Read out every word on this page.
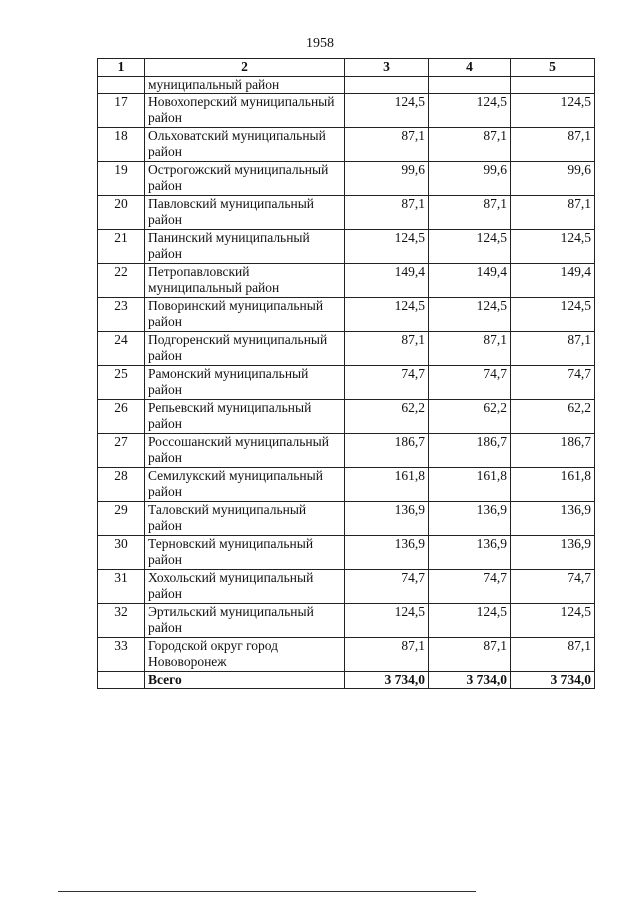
1958
1	2	3	4	5
	муниципальный район			
17	Новохоперский муниципальный район	124,5	124,5	124,5
18	Ольховатский муниципальный район	87,1	87,1	87,1
19	Острогожский муниципальный район	99,6	99,6	99,6
20	Павловский муниципальный район	87,1	87,1	87,1
21	Панинский муниципальный район	124,5	124,5	124,5
22	Петропавловский муниципальный район	149,4	149,4	149,4
23	Поворинский муниципальный район	124,5	124,5	124,5
24	Подгоренский муниципальный район	87,1	87,1	87,1
25	Рамонский муниципальный район	74,7	74,7	74,7
26	Репьевский муниципальный район	62,2	62,2	62,2
27	Россошанский муниципальный район	186,7	186,7	186,7
28	Семилукский муниципальный район	161,8	161,8	161,8
29	Таловский муниципальный район	136,9	136,9	136,9
30	Терновский муниципальный район	136,9	136,9	136,9
31	Хохольский муниципальный район	74,7	74,7	74,7
32	Эртильский муниципальный район	124,5	124,5	124,5
33	Городской округ город Нововоронеж	87,1	87,1	87,1
	Всего	3 734,0	3 734,0	3 734,0
